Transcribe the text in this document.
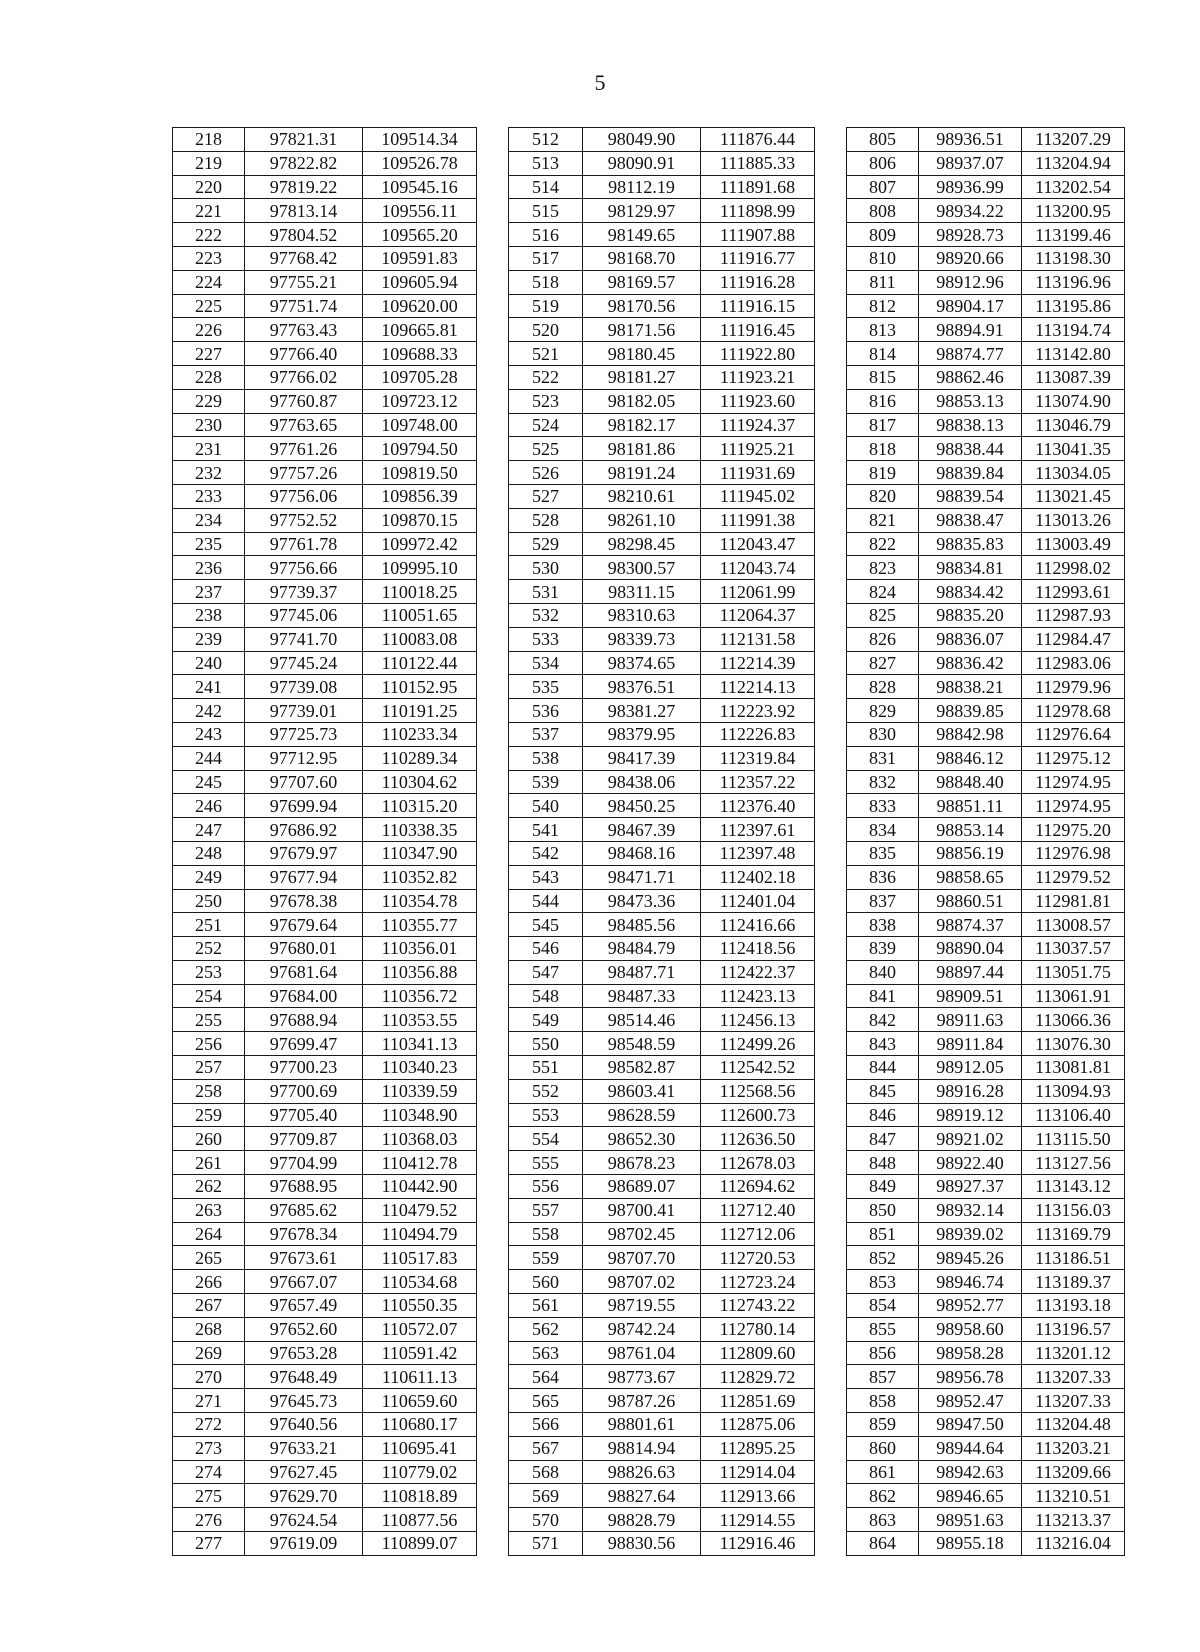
5
218	97821.31	109514.34		512	98049.90	111876.44		805	98936.51	113207.29
219	97822.82	109526.78		513	98090.91	111885.33		806	98937.07	113204.94
220	97819.22	109545.16		514	98112.19	111891.68		807	98936.99	113202.54
221	97813.14	109556.11		515	98129.97	111898.99		808	98934.22	113200.95
222	97804.52	109565.20		516	98149.65	111907.88		809	98928.73	113199.46
223	97768.42	109591.83		517	98168.70	111916.77		810	98920.66	113198.30
224	97755.21	109605.94		518	98169.57	111916.28		811	98912.96	113196.96
225	97751.74	109620.00		519	98170.56	111916.15		812	98904.17	113195.86
226	97763.43	109665.81		520	98171.56	111916.45		813	98894.91	113194.74
227	97766.40	109688.33		521	98180.45	111922.80		814	98874.77	113142.80
228	97766.02	109705.28		522	98181.27	111923.21		815	98862.46	113087.39
229	97760.87	109723.12		523	98182.05	111923.60		816	98853.13	113074.90
230	97763.65	109748.00		524	98182.17	111924.37		817	98838.13	113046.79
231	97761.26	109794.50		525	98181.86	111925.21		818	98838.44	113041.35
232	97757.26	109819.50		526	98191.24	111931.69		819	98839.84	113034.05
233	97756.06	109856.39		527	98210.61	111945.02		820	98839.54	113021.45
234	97752.52	109870.15		528	98261.10	111991.38		821	98838.47	113013.26
235	97761.78	109972.42		529	98298.45	112043.47		822	98835.83	113003.49
236	97756.66	109995.10		530	98300.57	112043.74		823	98834.81	112998.02
237	97739.37	110018.25		531	98311.15	112061.99		824	98834.42	112993.61
238	97745.06	110051.65		532	98310.63	112064.37		825	98835.20	112987.93
239	97741.70	110083.08		533	98339.73	112131.58		826	98836.07	112984.47
240	97745.24	110122.44		534	98374.65	112214.39		827	98836.42	112983.06
241	97739.08	110152.95		535	98376.51	112214.13		828	98838.21	112979.96
242	97739.01	110191.25		536	98381.27	112223.92		829	98839.85	112978.68
243	97725.73	110233.34		537	98379.95	112226.83		830	98842.98	112976.64
244	97712.95	110289.34		538	98417.39	112319.84		831	98846.12	112975.12
245	97707.60	110304.62		539	98438.06	112357.22		832	98848.40	112974.95
246	97699.94	110315.20		540	98450.25	112376.40		833	98851.11	112974.95
247	97686.92	110338.35		541	98467.39	112397.61		834	98853.14	112975.20
248	97679.97	110347.90		542	98468.16	112397.48		835	98856.19	112976.98
249	97677.94	110352.82		543	98471.71	112402.18		836	98858.65	112979.52
250	97678.38	110354.78		544	98473.36	112401.04		837	98860.51	112981.81
251	97679.64	110355.77		545	98485.56	112416.66		838	98874.37	113008.57
252	97680.01	110356.01		546	98484.79	112418.56		839	98890.04	113037.57
253	97681.64	110356.88		547	98487.71	112422.37		840	98897.44	113051.75
254	97684.00	110356.72		548	98487.33	112423.13		841	98909.51	113061.91
255	97688.94	110353.55		549	98514.46	112456.13		842	98911.63	113066.36
256	97699.47	110341.13		550	98548.59	112499.26		843	98911.84	113076.30
257	97700.23	110340.23		551	98582.87	112542.52		844	98912.05	113081.81
258	97700.69	110339.59		552	98603.41	112568.56		845	98916.28	113094.93
259	97705.40	110348.90		553	98628.59	112600.73		846	98919.12	113106.40
260	97709.87	110368.03		554	98652.30	112636.50		847	98921.02	113115.50
261	97704.99	110412.78		555	98678.23	112678.03		848	98922.40	113127.56
262	97688.95	110442.90		556	98689.07	112694.62		849	98927.37	113143.12
263	97685.62	110479.52		557	98700.41	112712.40		850	98932.14	113156.03
264	97678.34	110494.79		558	98702.45	112712.06		851	98939.02	113169.79
265	97673.61	110517.83		559	98707.70	112720.53		852	98945.26	113186.51
266	97667.07	110534.68		560	98707.02	112723.24		853	98946.74	113189.37
267	97657.49	110550.35		561	98719.55	112743.22		854	98952.77	113193.18
268	97652.60	110572.07		562	98742.24	112780.14		855	98958.60	113196.57
269	97653.28	110591.42		563	98761.04	112809.60		856	98958.28	113201.12
270	97648.49	110611.13		564	98773.67	112829.72		857	98956.78	113207.33
271	97645.73	110659.60		565	98787.26	112851.69		858	98952.47	113207.33
272	97640.56	110680.17		566	98801.61	112875.06		859	98947.50	113204.48
273	97633.21	110695.41		567	98814.94	112895.25		860	98944.64	113203.21
274	97627.45	110779.02		568	98826.63	112914.04		861	98942.63	113209.66
275	97629.70	110818.89		569	98827.64	112913.66		862	98946.65	113210.51
276	97624.54	110877.56		570	98828.79	112914.55		863	98951.63	113213.37
277	97619.09	110899.07		571	98830.56	112916.46		864	98955.18	113216.04
